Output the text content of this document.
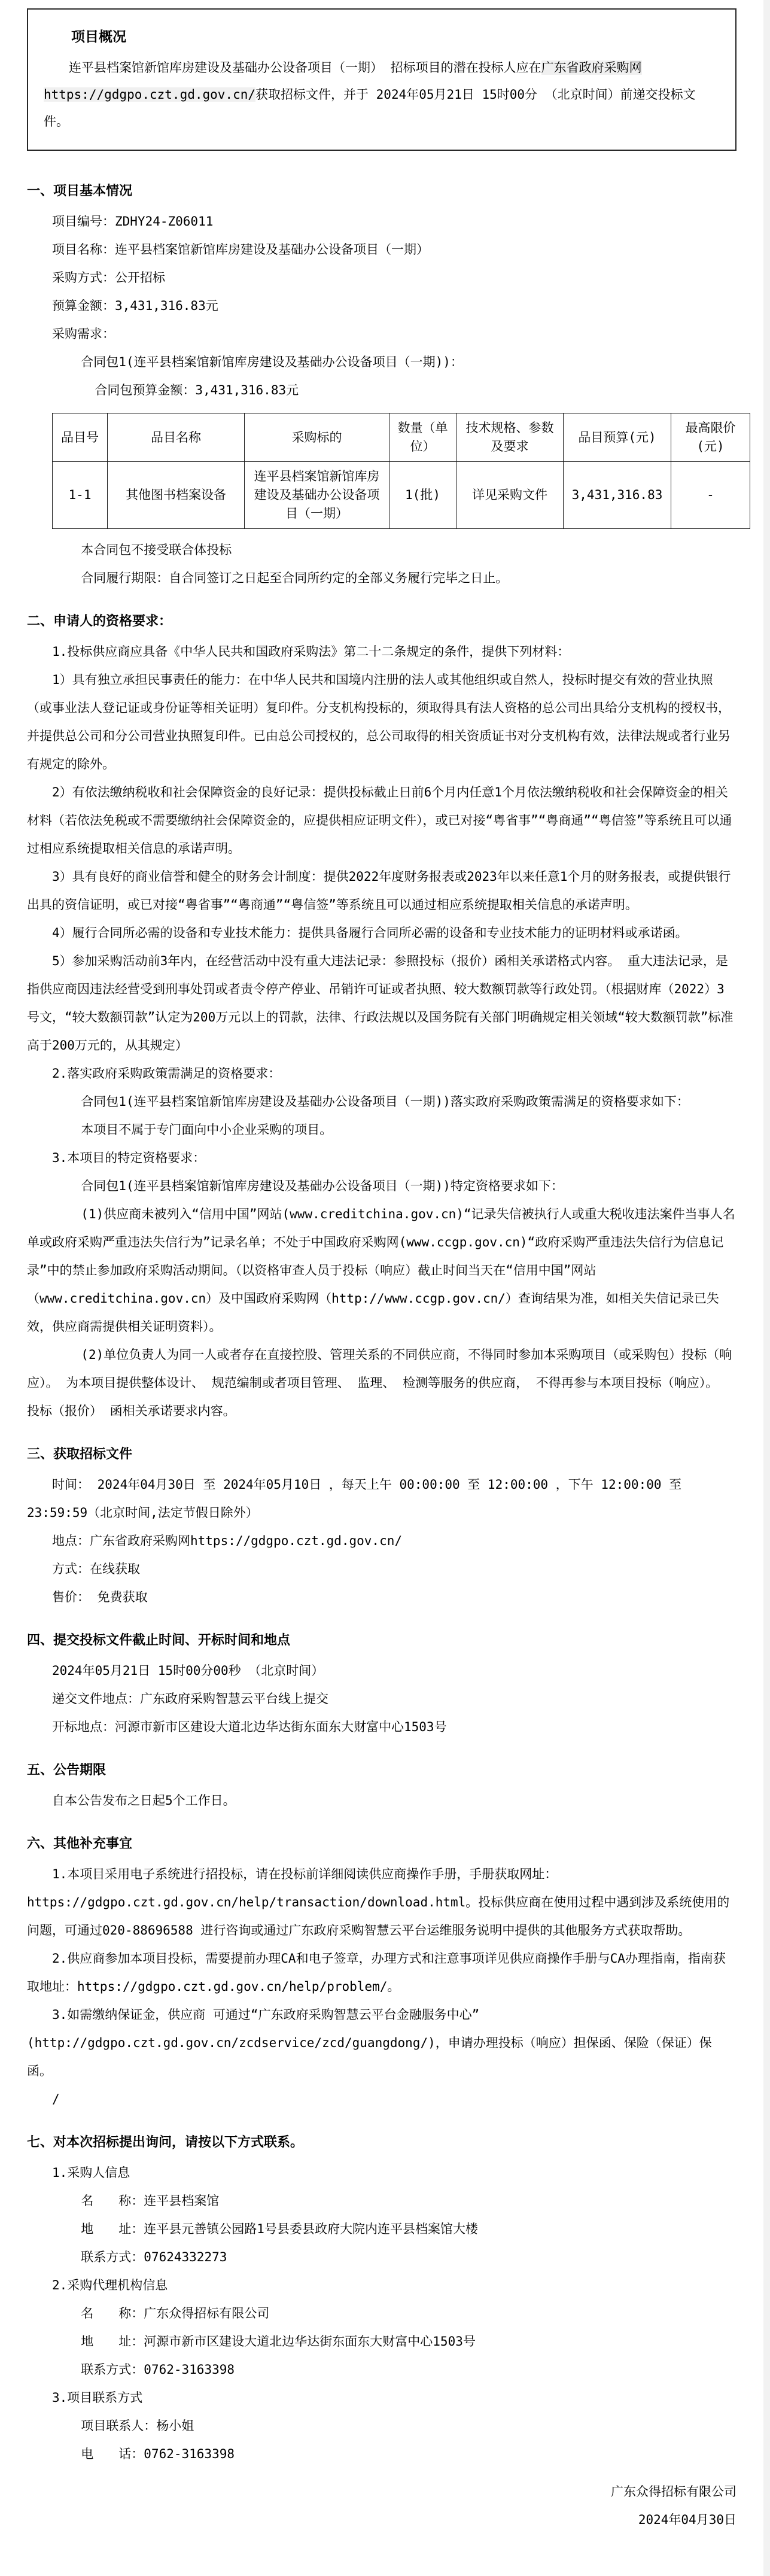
项目概况

连平县档案馆新馆库房建设及基础办公设备项目（一期） 招标项目的潜在投标人应在广东省政府采购网https://gdgpo.czt.gd.gov.cn/获取招标文件，并于 2024年05月21日 15时00分 （北京时间）前递交投标文件。

一、项目基本情况

项目编号：ZDHY24-Z06011

项目名称：连平县档案馆新馆库房建设及基础办公设备项目（一期）

采购方式：公开招标

预算金额：3,431,316.83元

采购需求：

合同包1(连平县档案馆新馆库房建设及基础办公设备项目（一期))：

合同包预算金额：3,431,316.83元

品目号	品目名称	采购标的	数量（单位）	技术规格、参数及要求	品目预算(元)	最高限价(元)
1-1	其他图书档案设备	连平县档案馆新馆库房建设及基础办公设备项目（一期）	1(批)	详见采购文件	3,431,316.83	-

本合同包不接受联合体投标

合同履行期限：自合同签订之日起至合同所约定的全部义务履行完毕之日止。

二、申请人的资格要求：

1.投标供应商应具备《中华人民共和国政府采购法》第二十二条规定的条件，提供下列材料：

1）具有独立承担民事责任的能力：在中华人民共和国境内注册的法人或其他组织或自然人，投标时提交有效的营业执照（或事业法人登记证或身份证等相关证明）复印件。分支机构投标的，须取得具有法人资格的总公司出具给分支机构的授权书，并提供总公司和分公司营业执照复印件。已由总公司授权的，总公司取得的相关资质证书对分支机构有效，法律法规或者行业另有规定的除外。

2）有依法缴纳税收和社会保障资金的良好记录：提供投标截止日前6个月内任意1个月依法缴纳税收和社会保障资金的相关材料（若依法免税或不需要缴纳社会保障资金的，应提供相应证明文件），或已对接“粤省事”“粤商通”“粤信签”等系统且可以通过相应系统提取相关信息的承诺声明。

3）具有良好的商业信誉和健全的财务会计制度：提供2022年度财务报表或2023年以来任意1个月的财务报表，或提供银行出具的资信证明，或已对接“粤省事”“粤商通”“粤信签”等系统且可以通过相应系统提取相关信息的承诺声明。

4）履行合同所必需的设备和专业技术能力：提供具备履行合同所必需的设备和专业技术能力的证明材料或承诺函。

5）参加采购活动前3年内，在经营活动中没有重大违法记录：参照投标（报价）函相关承诺格式内容。 重大违法记录，是指供应商因违法经营受到刑事处罚或者责令停产停业、吊销许可证或者执照、较大数额罚款等行政处罚。（根据财库（2022）3号文，“较大数额罚款”认定为200万元以上的罚款，法律、行政法规以及国务院有关部门明确规定相关领域“较大数额罚款”标准高于200万元的，从其规定）

2.落实政府采购政策需满足的资格要求：

合同包1(连平县档案馆新馆库房建设及基础办公设备项目（一期))落实政府采购政策需满足的资格要求如下：

本项目不属于专门面向中小企业采购的项目。

3.本项目的特定资格要求：

合同包1(连平县档案馆新馆库房建设及基础办公设备项目（一期))特定资格要求如下：

(1)供应商未被列入“信用中国”网站(www.creditchina.gov.cn)“记录失信被执行人或重大税收违法案件当事人名单或政府采购严重违法失信行为”记录名单；不处于中国政府采购网(www.ccgp.gov.cn)“政府采购严重违法失信行为信息记录”中的禁止参加政府采购活动期间。（以资格审查人员于投标（响应）截止时间当天在“信用中国”网站（www.creditchina.gov.cn）及中国政府采购网（http://www.ccgp.gov.cn/）查询结果为准，如相关失信记录已失效，供应商需提供相关证明资料）。

(2)单位负责人为同一人或者存在直接控股、管理关系的不同供应商，不得同时参加本采购项目（或采购包）投标（响应）。 为本项目提供整体设计、 规范编制或者项目管理、 监理、 检测等服务的供应商， 不得再参与本项目投标（响应）。 投标（报价） 函相关承诺要求内容。

三、获取招标文件

时间： 2024年04月30日 至 2024年05月10日 ，每天上午 00:00:00 至 12:00:00 ，下午 12:00:00 至 23:59:59（北京时间,法定节假日除外）

地点：广东省政府采购网https://gdgpo.czt.gd.gov.cn/

方式：在线获取

售价： 免费获取

四、提交投标文件截止时间、开标时间和地点

2024年05月21日 15时00分00秒 （北京时间）

递交文件地点：广东政府采购智慧云平台线上提交

开标地点：河源市新市区建设大道北边华达街东面东大财富中心1503号

五、公告期限

自本公告发布之日起5个工作日。

六、其他补充事宜

1.本项目采用电子系统进行招投标，请在投标前详细阅读供应商操作手册，手册获取网址：https://gdgpo.czt.gd.gov.cn/help/transaction/download.html。投标供应商在使用过程中遇到涉及系统使用的问题，可通过020-88696588 进行咨询或通过广东政府采购智慧云平台运维服务说明中提供的其他服务方式获取帮助。

2.供应商参加本项目投标，需要提前办理CA和电子签章，办理方式和注意事项详见供应商操作手册与CA办理指南，指南获取地址：https://gdgpo.czt.gd.gov.cn/help/problem/。

3.如需缴纳保证金，供应商 可通过“广东政府采购智慧云平台金融服务中心”(http://gdgpo.czt.gd.gov.cn/zcdservice/zcd/guangdong/)，申请办理投标（响应）担保函、保险（保证）保函。

/

七、对本次招标提出询问，请按以下方式联系。

1.采购人信息

名　　称：连平县档案馆

地　　址：连平县元善镇公园路1号县委县政府大院内连平县档案馆大楼

联系方式：07624332273

2.采购代理机构信息

名　　称：广东众得招标有限公司

地　　址：河源市新市区建设大道北边华达街东面东大财富中心1503号

联系方式：0762-3163398

3.项目联系方式

项目联系人：杨小姐

电　　话：0762-3163398

广东众得招标有限公司

2024年04月30日
